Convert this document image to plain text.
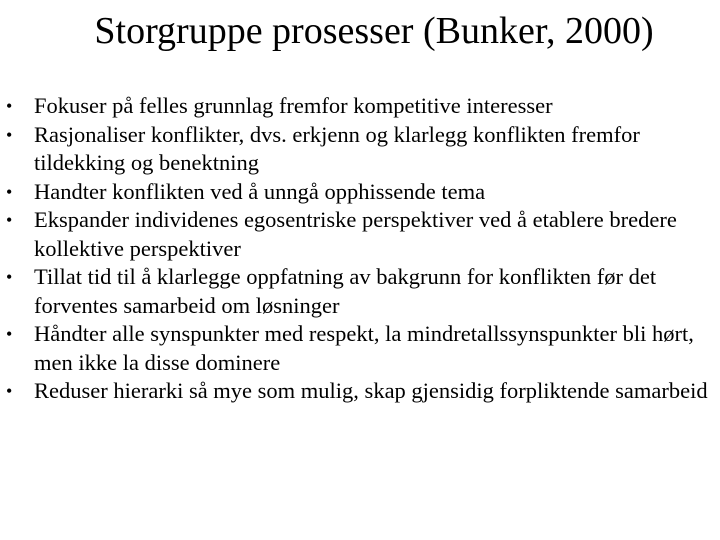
Storgruppe prosesser (Bunker, 2000)
• Fokuser på felles grunnlag fremfor kompetitive interesser
• Rasjonaliser konflikter, dvs. erkjenn og klarlegg konflikten fremfor tildekking og benektning
• Handter konflikten ved å unngå opphissende tema
• Ekspander individenes egosentriske perspektiver ved å etablere bredere kollektive perspektiver
• Tillat tid til å klarlegge oppfatning av bakgrunn for konflikten før det forventes samarbeid om løsninger
• Håndter alle synspunkter med respekt, la mindretallssynspunkter bli hørt, men ikke la disse dominere
• Reduser hierarki så mye som mulig, skap gjensidig forpliktende samarbeid
